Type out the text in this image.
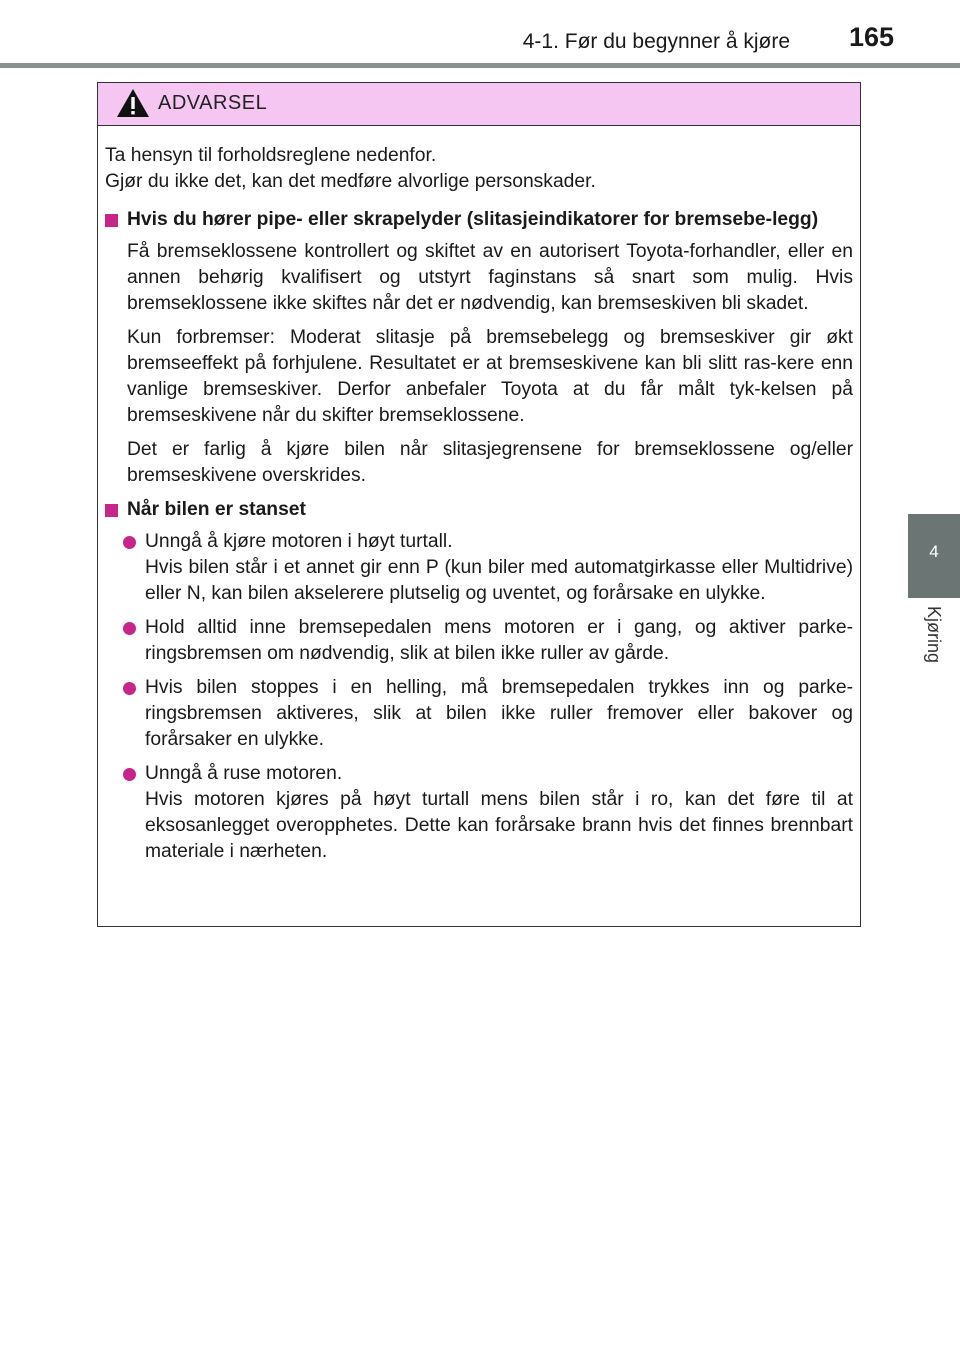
4-1. Før du begynner å kjøre 165
4
Kjøring
ADVARSEL

Ta hensyn til forholdsreglene nedenfor.

Gjør du ikke det, kan det medføre alvorlige personskader.

Hvis du hører pipe- eller skrapelyder (slitasjeindikatorer for bremsebe-legg)

Få bremseklossene kontrollert og skiftet av en autorisert Toyota-forhandler, eller en annen behørig kvalifisert og utstyrt faginstans så snart som mulig. Hvis bremseklossene ikke skiftes når det er nødvendig, kan bremseskiven bli skadet.

Kun forbremser: Moderat slitasje på bremsebelegg og bremseskiver gir økt bremseeffekt på forhjulene. Resultatet er at bremseskivene kan bli slitt ras-kere enn vanlige bremseskiver. Derfor anbefaler Toyota at du får målt tyk-kelsen på bremseskivene når du skifter bremseklossene.

Det er farlig å kjøre bilen når slitasjegrensene for bremseklossene og/eller bremseskivene overskrides.

Når bilen er stanset

Unngå å kjøre motoren i høyt turtall.

Hvis bilen står i et annet gir enn P (kun biler med automatgirkasse eller Multidrive) eller N, kan bilen akselerere plutselig og uventet, og forårsake en ulykke.

Hold alltid inne bremsepedalen mens motoren er i gang, og aktiver parke-ringsbremsen om nødvendig, slik at bilen ikke ruller av gårde.

Hvis bilen stoppes i en helling, må bremsepedalen trykkes inn og parke-ringsbremsen aktiveres, slik at bilen ikke ruller fremover eller bakover og forårsaker en ulykke.

Unngå å ruse motoren.

Hvis motoren kjøres på høyt turtall mens bilen står i ro, kan det føre til at eksosanlegget overopphetes. Dette kan forårsake brann hvis det finnes brennbart materiale i nærheten.
